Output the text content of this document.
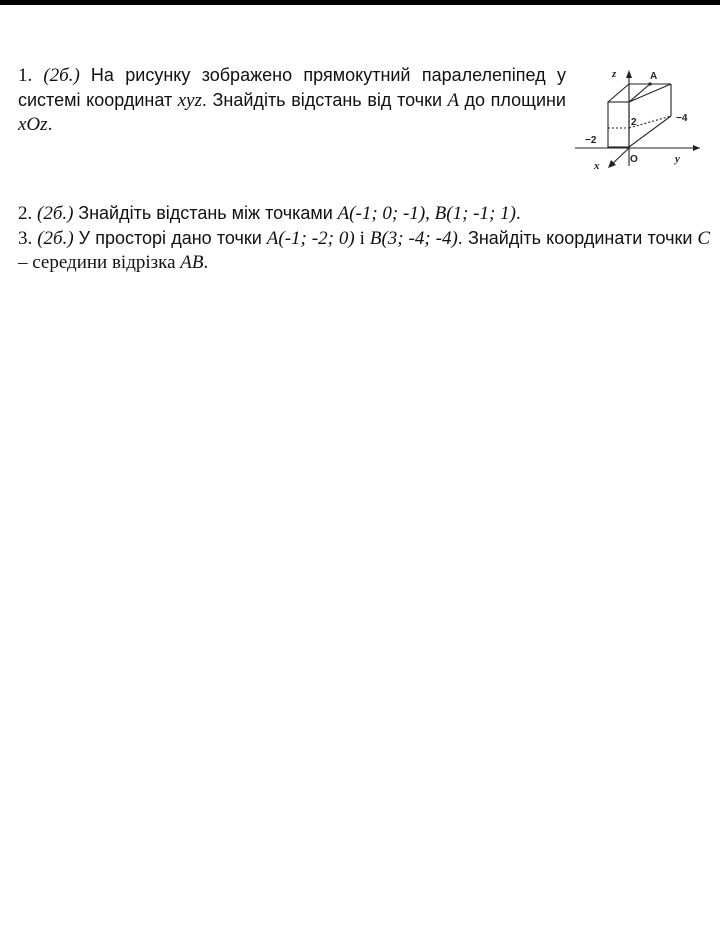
1. (2б.) На рисунку зображено прямокутний паралелепіпед у системі координат xyz. Знайдіть відстань від точки A до площини xOz.
z	A
−4
2
−2
O	y
x
2. (2б.) Знайдіть відстань між точками A(-1; 0; -1), B(1; -1; 1).
3. (2б.) У просторі дано точки A(-1; -2; 0) і B(3; -4; -4). Знайдіть координати точки C – середини відрізка AB.
